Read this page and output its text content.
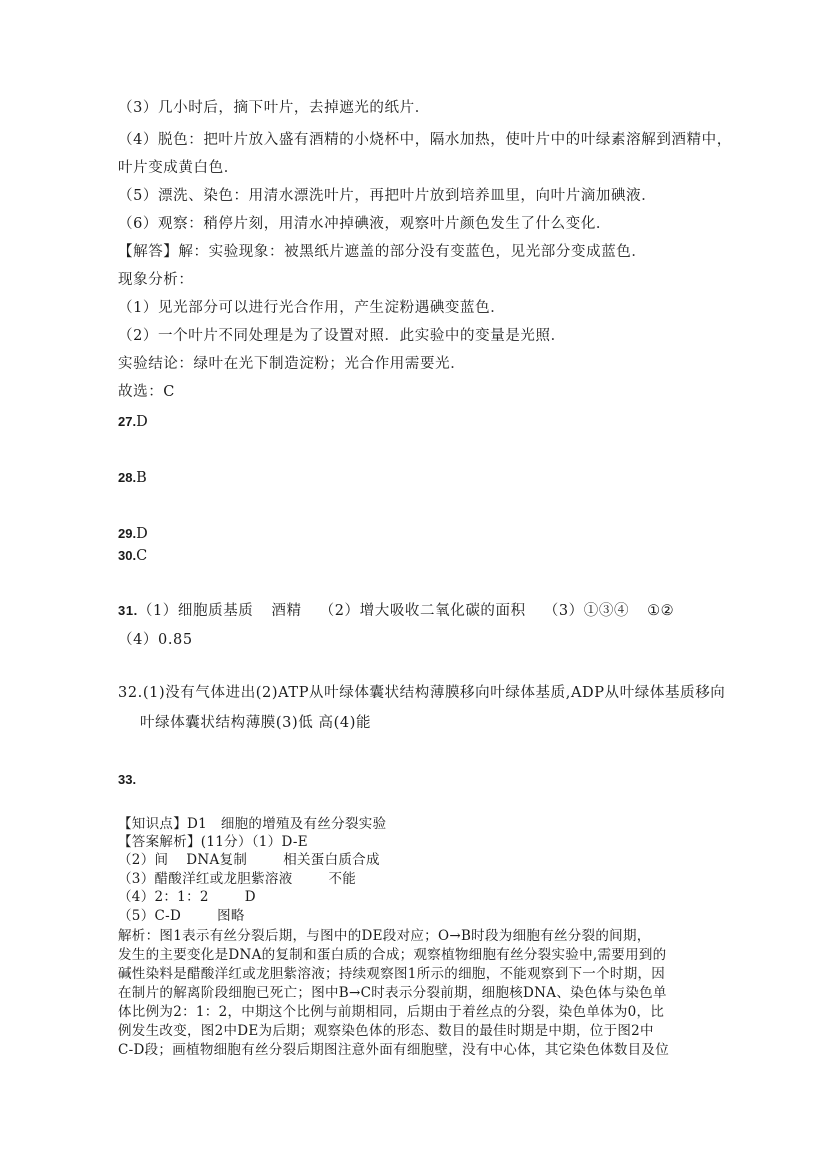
（3）几小时后，摘下叶片，去掉遮光的纸片．
（4）脱色：把叶片放入盛有酒精的小烧杯中，隔水加热，使叶片中的叶绿素溶解到酒精中，
叶片变成黄白色．
（5）漂洗、染色：用清水漂洗叶片，再把叶片放到培养皿里，向叶片滴加碘液．
（6）观察：稍停片刻，用清水冲掉碘液，观察叶片颜色发生了什么变化．
【解答】解：实验现象：被黑纸片遮盖的部分没有变蓝色，见光部分变成蓝色．
现象分析：
（1）见光部分可以进行光合作用，产生淀粉遇碘变蓝色．
（2）一个叶片不同处理是为了设置对照．此实验中的变量是光照．
实验结论：绿叶在光下制造淀粉；光合作用需要光．
故选：C
27.D
28.B
29.D
30.C
31.（1）细胞质基质 酒精 （2）增大吸收二氧化碳的面积 （3）①③④ ①②
（4）0.85
32.(1)没有气体进出(2)ATP从叶绿体囊状结构薄膜移向叶绿体基质,ADP从叶绿体基质移向
叶绿体囊状结构薄膜(3)低 高(4)能
33.
【知识点】D1　细胞的增殖及有丝分裂实验
【答案解析】(11分）（1）D-E
（2）间 DNA复制	相关蛋白质合成
（3）醋酸洋红或龙胆紫溶液	不能
（4）2：1：2	D
（5）C-D	图略
解析：图1表示有丝分裂后期，与图中的DE段对应；O→B时段为细胞有丝分裂的间期，
发生的主要变化是DNA的复制和蛋白质的合成；观察植物细胞有丝分裂实验中,需要用到的
碱性染料是醋酸洋红或龙胆紫溶液；持续观察图1所示的细胞，不能观察到下一个时期，因
在制片的解离阶段细胞已死亡；图中B→C时表示分裂前期，细胞核DNA、染色体与染色单
体比例为2：1：2，中期这个比例与前期相同，后期由于着丝点的分裂，染色单体为0，比
例发生改变，图2中DE为后期；观察染色体的形态、数目的最佳时期是中期，位于图2中
C-D段；画植物细胞有丝分裂后期图注意外面有细胞壁，没有中心体，其它染色体数目及位
